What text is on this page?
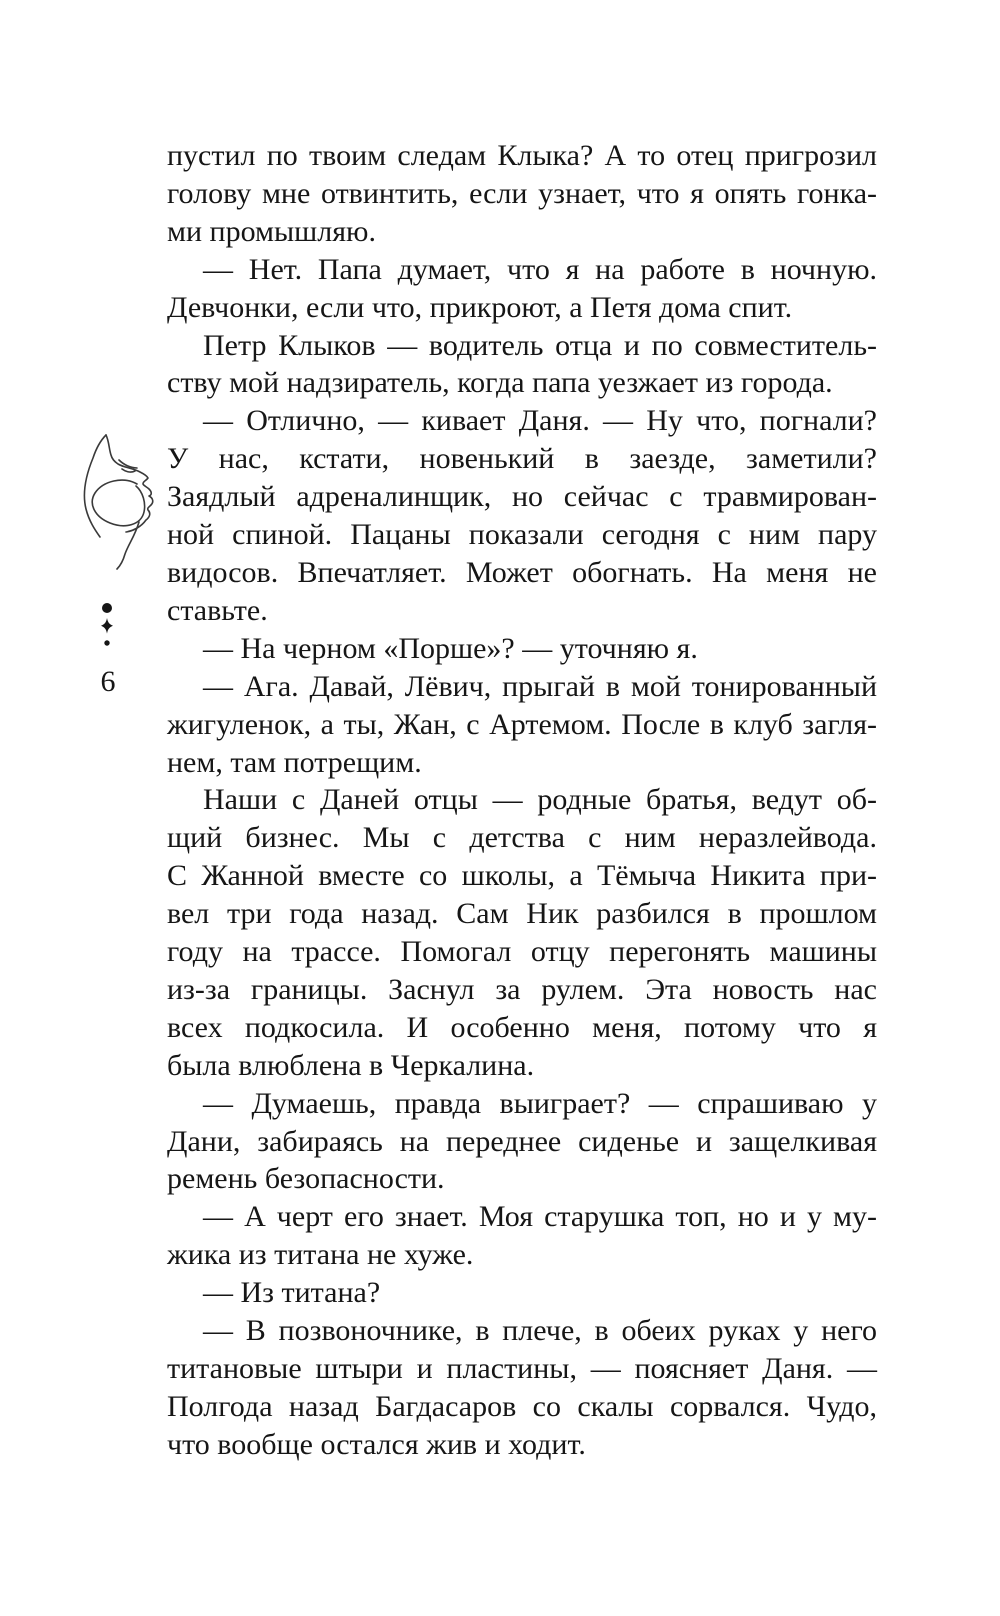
6
пустил по твоим следам Клыка? А то отец пригрозил
голову мне отвинтить, если узнает, что я опять гонка-
ми промышляю.
— Нет. Папа думает, что я на работе в ночную.
Девчонки, если что, прикроют, а Петя дома спит.
Петр Клыков — водитель отца и по совместитель-
ству мой надзиратель, когда папа уезжает из города.
— Отлично, — кивает Даня. — Ну что, погнали?
У нас, кстати, новенький в заезде, заметили?
Заядлый адреналинщик, но сейчас с травмирован-
ной спиной. Пацаны показали сегодня с ним пару
видосов. Впечатляет. Может обогнать. На меня не
ставьте.
— На черном «Порше»? — уточняю я.
— Ага. Давай, Лёвич, прыгай в мой тонированный
жигуленок, а ты, Жан, с Артемом. После в клуб загля-
нем, там потрещим.
Наши с Даней отцы — родные братья, ведут об-
щий бизнес. Мы с детства с ним неразлейвода.
С Жанной вместе со школы, а Тёмыча Никита при-
вел три года назад. Сам Ник разбился в прошлом
году на трассе. Помогал отцу перегонять машины
из-за границы. Заснул за рулем. Эта новость нас
всех подкосила. И особенно меня, потому что я
была влюблена в Черкалина.
— Думаешь, правда выиграет? — спрашиваю у
Дани, забираясь на переднее сиденье и защелкивая
ремень безопасности.
— А черт его знает. Моя старушка топ, но и у му-
жика из титана не хуже.
— Из титана?
— В позвоночнике, в плече, в обеих руках у него
титановые штыри и пластины, — поясняет Даня. —
Полгода назад Багдасаров со скалы сорвался. Чудо,
что вообще остался жив и ходит.
